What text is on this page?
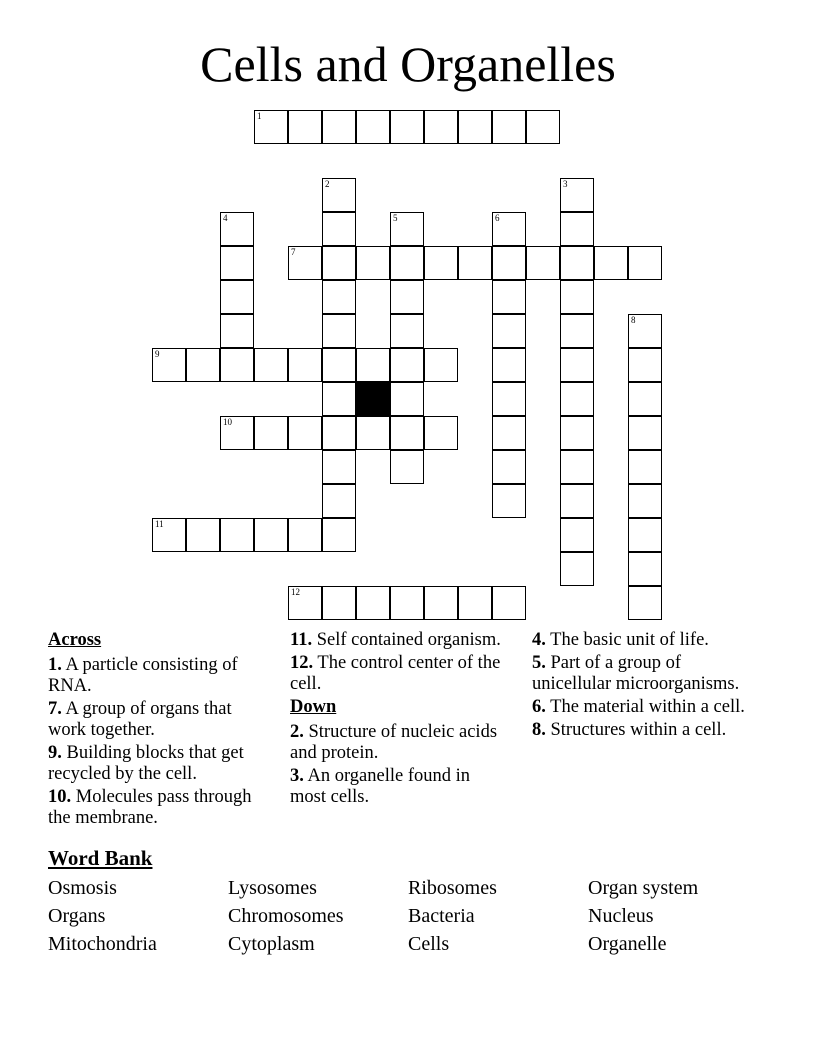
Cells and Organelles
1
2	3
4	5	6
7
8
9
10
11
12
Across
1. A particle consisting of RNA.
7. A group of organs that work together.
9. Building blocks that get recycled by the cell.
10. Molecules pass through the membrane.
11. Self contained organism.
12. The control center of the cell.
Down
2. Structure of nucleic acids and protein.
3. An organelle found in most cells.
4. The basic unit of life.
5. Part of a group of unicellular microorganisms.
6. The material within a cell.
8. Structures within a cell.
Word Bank
Osmosis	Lysosomes	Ribosomes	Organ system
Organs	Chromosomes	Bacteria	Nucleus
Mitochondria	Cytoplasm	Cells	Organelle
